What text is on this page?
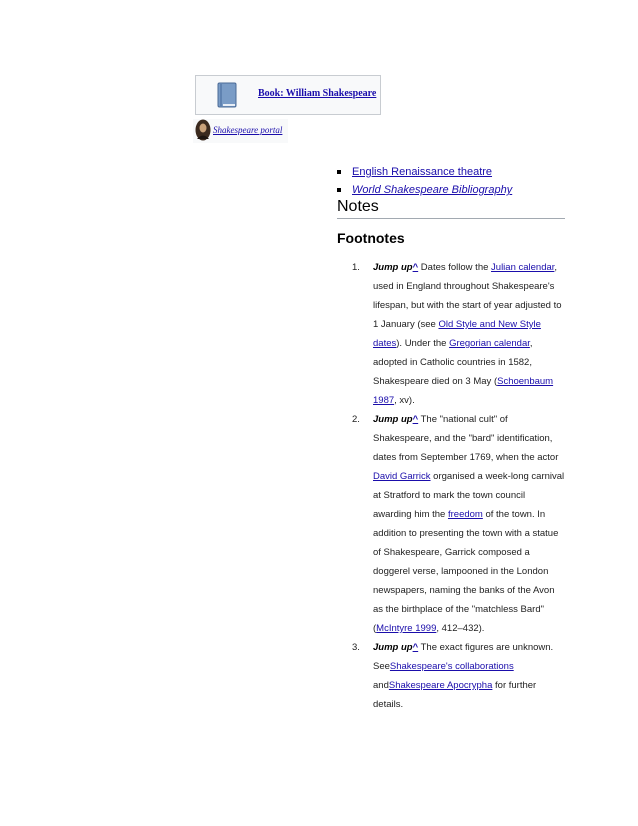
Book: William Shakespeare
Shakespeare portal
English Renaissance theatre
World Shakespeare Bibliography
Notes
Footnotes
1. Jump up^ Dates follow the Julian calendar, used in England throughout Shakespeare's lifespan, but with the start of year adjusted to 1 January (see Old Style and New Style dates). Under the Gregorian calendar, adopted in Catholic countries in 1582, Shakespeare died on 3 May (Schoenbaum 1987, xv).
2. Jump up^ The "national cult" of Shakespeare, and the "bard" identification, dates from September 1769, when the actor David Garrick organised a week-long carnival at Stratford to mark the town council awarding him the freedom of the town. In addition to presenting the town with a statue of Shakespeare, Garrick composed a doggerel verse, lampooned in the London newspapers, naming the banks of the Avon as the birthplace of the "matchless Bard" (McIntyre 1999, 412–432).
3. Jump up^ The exact figures are unknown. SeeShakespeare's collaborations andShakespeare Apocrypha for further details.
